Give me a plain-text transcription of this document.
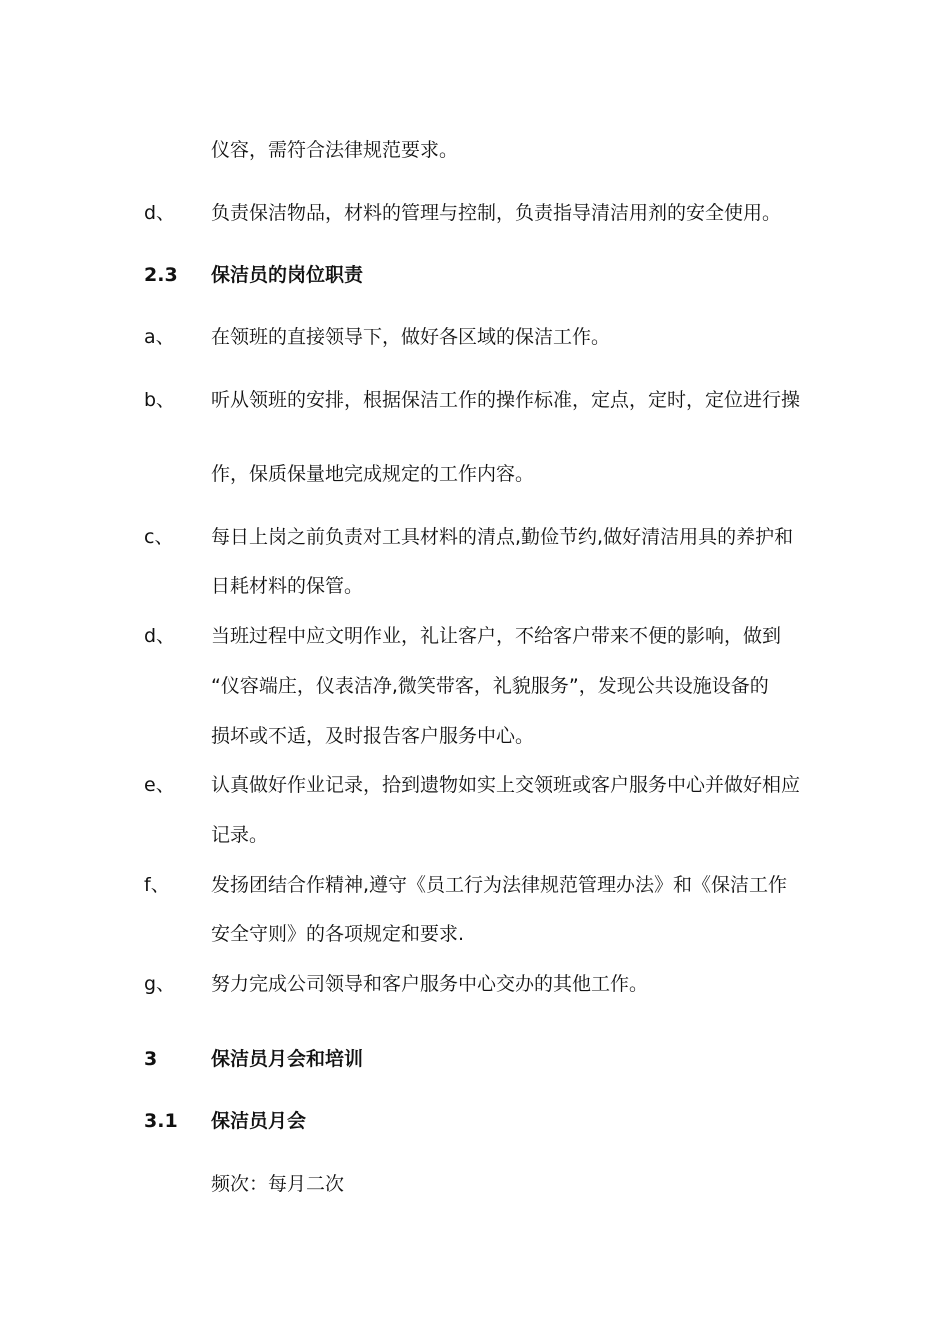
仪容，需符合法律规范要求。
d、 负责保洁物品，材料的管理与控制，负责指导清洁用剂的安全使用。
2.3 保洁员的岗位职责
a、 在领班的直接领导下，做好各区域的保洁工作。
b、 听从领班的安排，根据保洁工作的操作标准，定点，定时，定位进行操
作，保质保量地完成规定的工作内容。
c、 每日上岗之前负责对工具材料的清点,勤俭节约,做好清洁用具的养护和
日耗材料的保管。
d、 当班过程中应文明作业，礼让客户，不给客户带来不便的影响，做到
“仪容端庄，仪表洁净,微笑带客，礼貌服务”，发现公共设施设备的
损坏或不适，及时报告客户服务中心。
e、 认真做好作业记录，拾到遗物如实上交领班或客户服务中心并做好相应
记录。
f、 发扬团结合作精神,遵守《员工行为法律规范管理办法》和《保洁工作
安全守则》的各项规定和要求.
g、 努力完成公司领导和客户服务中心交办的其他工作。
3	保洁员月会和培训
3.1 保洁员月会
频次：每月二次
